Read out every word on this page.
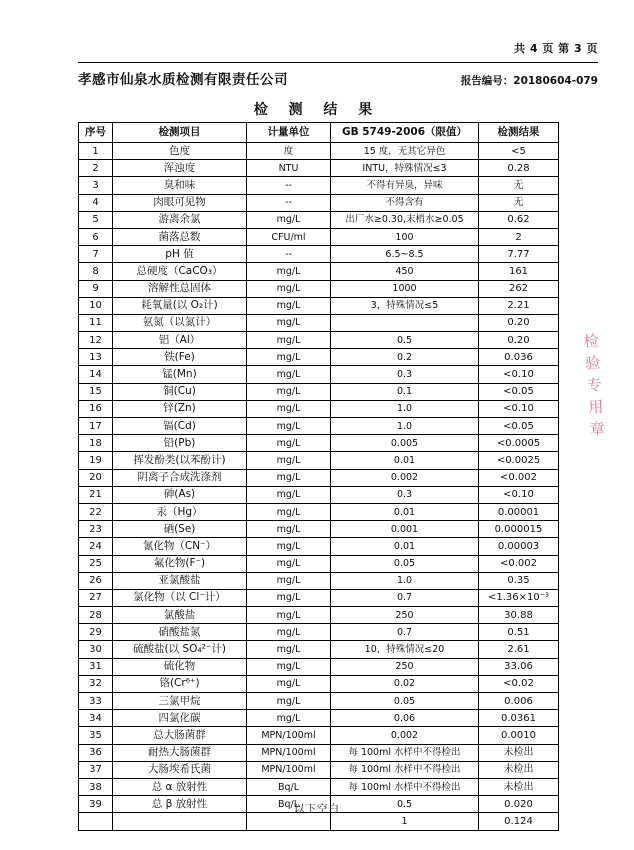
共 4 页 第 3 页
孝感市仙泉水质检测有限责任公司	报告编号：20180604-079
检 测 结 果
序号	检测项目	计量单位	GB 5749-2006（限值）	检测结果
1	色度	度	15 度，无其它异色	<5
2	浑浊度	NTU	INTU，特殊情况≤3	0.28
3	臭和味	--	不得有异臭，异味	无
4	肉眼可见物	--	不得含有	无
5	游离余氯	mg/L	出厂水≥0.30,末梢水≥0.05	0.62
6	菌落总数	CFU/ml	100	2
7	pH 值	--	6.5~8.5	7.77
8	总硬度（CaCO₃）	mg/L	450	161
9	溶解性总固体	mg/L	1000	262
10	耗氧量(以 O₂计)	mg/L	3，特殊情况≤5	2.21
11	氨氮（以氮计）	mg/L		0.20
12	铝（Al）	mg/L	0.5	0.20
13	铁(Fe)	mg/L	0.2	0.036
14	锰(Mn)	mg/L	0.3	<0.10
15	铜(Cu)	mg/L	0.1	<0.05
16	锌(Zn)	mg/L	1.0	<0.10
17	镉(Cd)	mg/L	1.0	<0.05
18	铅(Pb)	mg/L	0.005	<0.0005
19	挥发酚类(以苯酚计)	mg/L	0.01	<0.0025
20	阴离子合成洗涤剂	mg/L	0.002	<0.002
21	砷(As)	mg/L	0.3	<0.10
22	汞（Hg）	mg/L	0.01	0.00001
23	硒(Se)	mg/L	0.001	0.000015
24	氰化物（CN⁻）	mg/L	0.01	0.00003
25	氟化物(F⁻)	mg/L	0.05	<0.002
26	亚氯酸盐	mg/L	1.0	0.35
27	氯化物（以 Cl⁻计）	mg/L	0.7	<1.36×10⁻³
28	氯酸盐	mg/L	250	30.88
29	硝酸盐氮	mg/L	0.7	0.51
30	硫酸盐(以 SO₄²⁻计)	mg/L	10，特殊情况≤20	2.61
31	硫化物	mg/L	250	33.06
32	铬(Cr⁶⁺)	mg/L	0.02	<0.02
33	三氯甲烷	mg/L	0.05	0.006
34	四氯化碳	mg/L	0.06	0.0361
35	总大肠菌群	MPN/100ml	0.002	0.0010
36	耐热大肠菌群	MPN/100ml	每 100ml 水样中不得检出	未检出
37	大肠埃希氏菌	MPN/100ml	每 100ml 水样中不得检出	未检出
38	总 α 放射性	Bq/L	每 100ml 水样中不得检出	未检出
39	总 β 放射性	Bq/L	0.5	0.020
			1	0.124
以下空白
检
验
专
用
章
